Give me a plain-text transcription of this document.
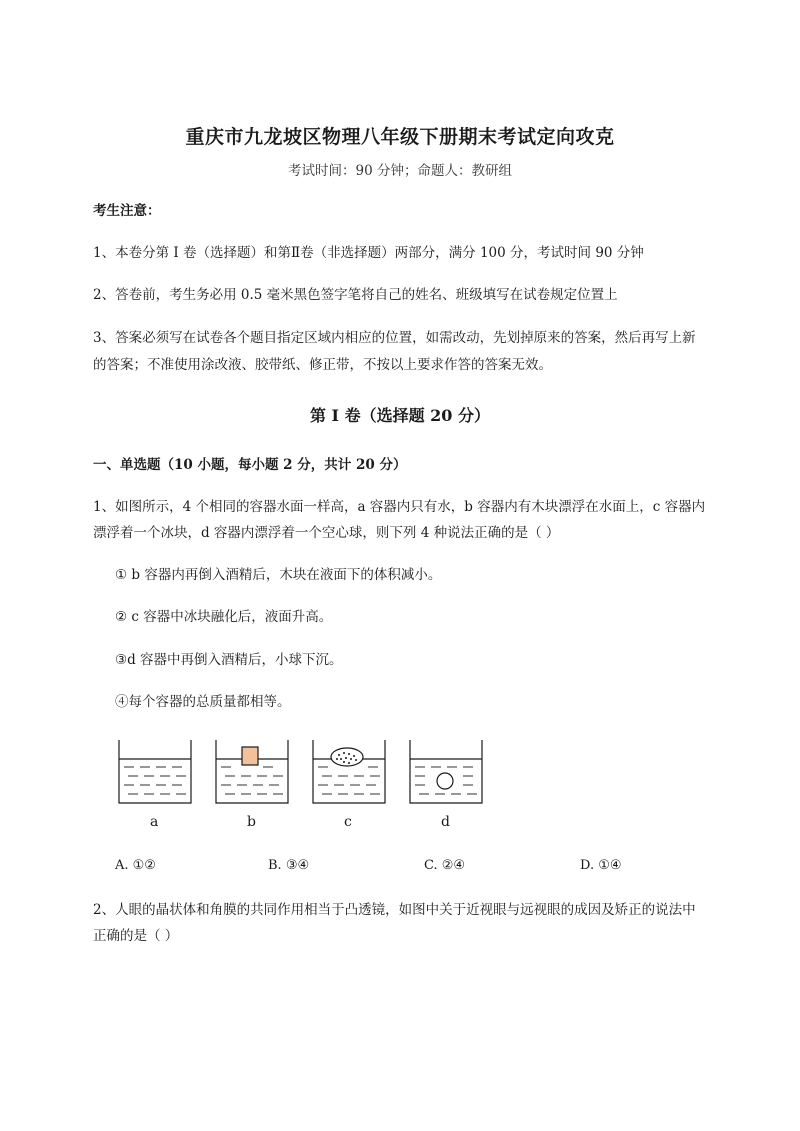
重庆市九龙坡区物理八年级下册期末考试定向攻克
考试时间：90 分钟；命题人：教研组
考生注意：
1、本卷分第 I 卷（选择题）和第Ⅱ卷（非选择题）两部分，满分 100 分，考试时间 90 分钟
2、答卷前，考生务必用 0.5 毫米黑色签字笔将自己的姓名、班级填写在试卷规定位置上
3、答案必须写在试卷各个题目指定区域内相应的位置，如需改动，先划掉原来的答案，然后再写上新
的答案；不准使用涂改液、胶带纸、修正带，不按以上要求作答的答案无效。
第 I 卷（选择题 20 分）
一、单选题（10 小题，每小题 2 分，共计 20 分）
1、如图所示，4 个相同的容器水面一样高，a 容器内只有水，b 容器内有木块漂浮在水面上，c 容器内
漂浮着一个冰块，d 容器内漂浮着一个空心球，则下列 4 种说法正确的是（ ）
① b 容器内再倒入酒精后，木块在液面下的体积减小。
② c 容器中冰块融化后，液面升高。
③d 容器中再倒入酒精后，小球下沉。
④每个容器的总质量都相等。
a	b	c	d
A. ①②	B. ③④	C. ②④	D. ①④
2、人眼的晶状体和角膜的共同作用相当于凸透镜，如图中关于近视眼与远视眼的成因及矫正的说法中
正确的是（ ）
